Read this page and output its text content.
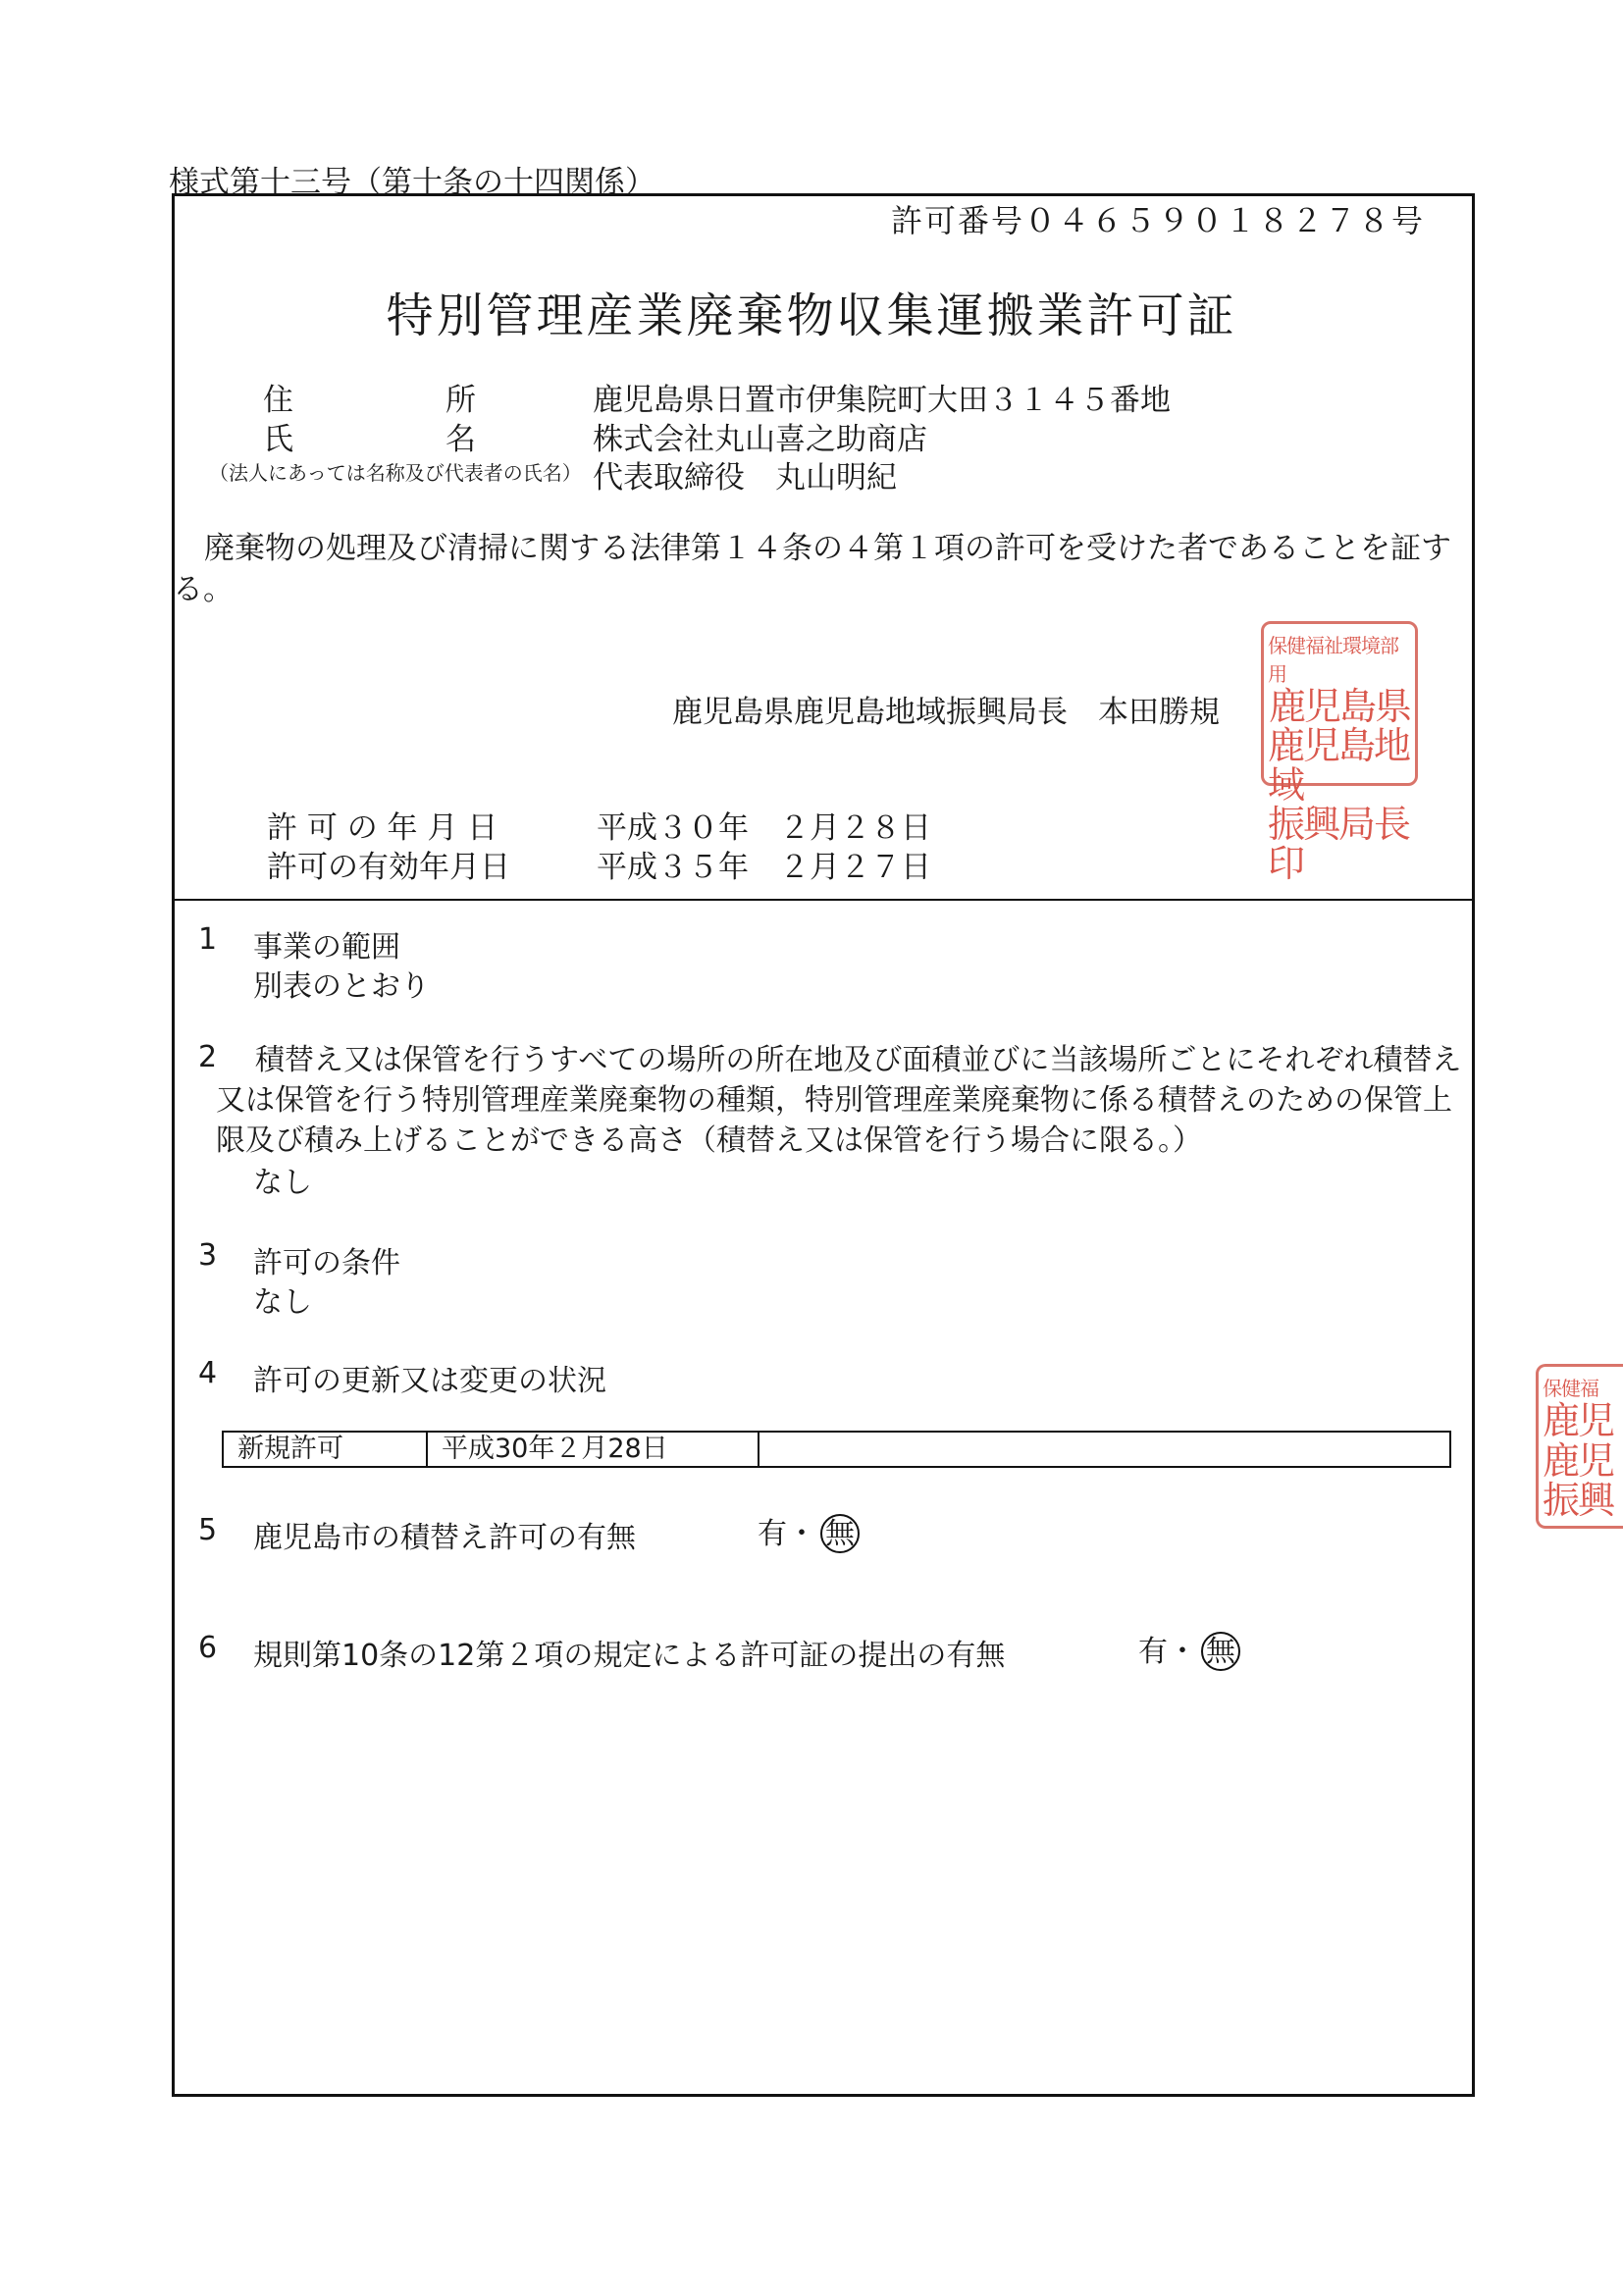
様式第十三号（第十条の十四関係）
許可番号０４６５９０１８２７８号
特別管理産業廃棄物収集運搬業許可証
住　　　　　所	鹿児島県日置市伊集院町大田３１４５番地
氏　　　　　名	株式会社丸山喜之助商店
（法人にあっては名称及び代表者の氏名） 代表取締役　丸山明紀
廃棄物の処理及び清掃に関する法律第１４条の４第１項の許可を受けた者であることを証する。
鹿児島県鹿児島地域振興局長　本田勝規
保健福祉環境部用
鹿児島県
鹿児島地域
振興局長印
許 可 の 年 月 日	平成３０年　２月２８日
許可の有効年月日	平成３５年　２月２７日
1 事業の範囲
別表のとおり
2	積替え又は保管を行うすべての場所の所在地及び面積並びに当該場所ごとにそれぞれ積替え又は保管を行う特別管理産業廃棄物の種類，特別管理産業廃棄物に係る積替えのための保管上限及び積み上げることができる高さ（積替え又は保管を行う場合に限る。）
なし
3 許可の条件
なし
4 許可の更新又は変更の状況
新規許可	平成30年２月28日
5 鹿児島市の積替え許可の有無	有・ 無
6 規則第10条の12第２項の規定による許可証の提出の有無	有・ 無
保健福
鹿児
鹿児
振興
